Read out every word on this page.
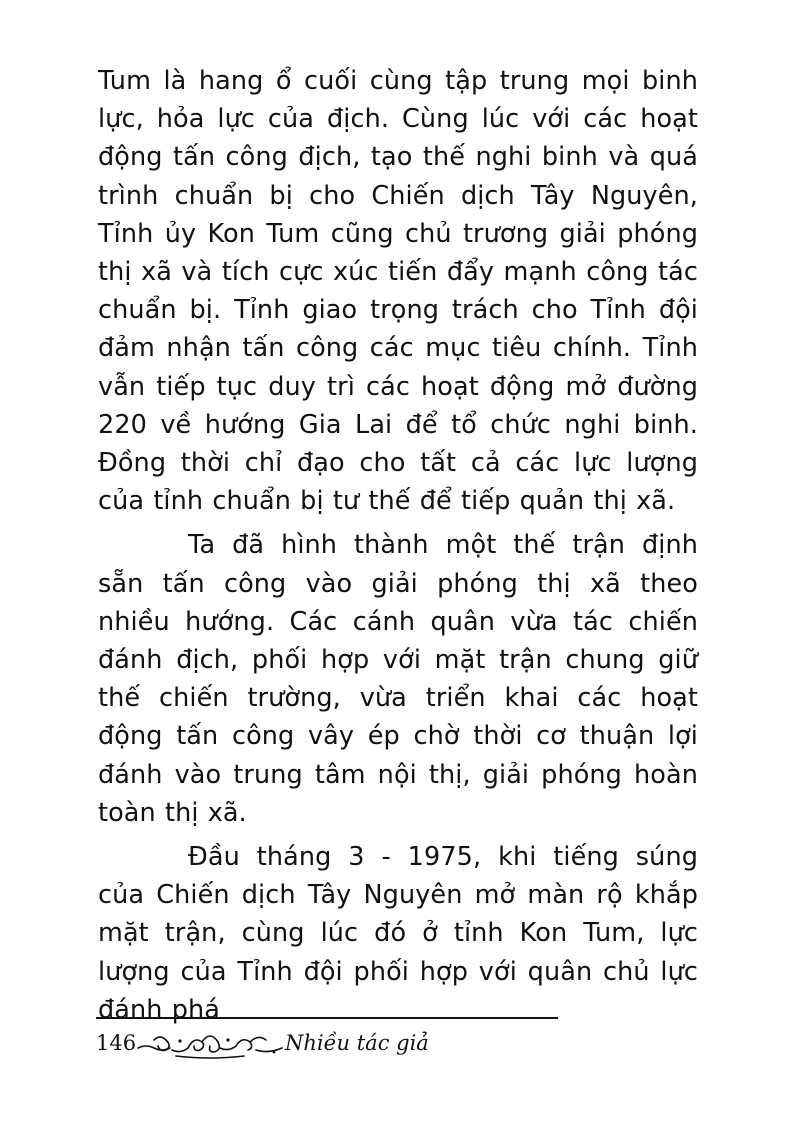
Tum là hang ổ cuối cùng tập trung mọi binh lực, hỏa lực của địch. Cùng lúc với các hoạt động tấn công địch, tạo thế nghi binh và quá trình chuẩn bị cho Chiến dịch Tây Nguyên, Tỉnh ủy Kon Tum cũng chủ trương giải phóng thị xã và tích cực xúc tiến đẩy mạnh công tác chuẩn bị. Tỉnh giao trọng trách cho Tỉnh đội đảm nhận tấn công các mục tiêu chính. Tỉnh vẫn tiếp tục duy trì các hoạt động mở đường 220 về hướng Gia Lai để tổ chức nghi binh. Đồng thời chỉ đạo cho tất cả các lực lượng của tỉnh chuẩn bị tư thế để tiếp quản thị xã.

Ta đã hình thành một thế trận định sẵn tấn công vào giải phóng thị xã theo nhiều hướng. Các cánh quân vừa tác chiến đánh địch, phối hợp với mặt trận chung giữ thế chiến trường, vừa triển khai các hoạt động tấn công vây ép chờ thời cơ thuận lợi đánh vào trung tâm nội thị, giải phóng hoàn toàn thị xã.

Đầu tháng 3 - 1975, khi tiếng súng của Chiến dịch Tây Nguyên mở màn rộ khắp mặt trận, cùng lúc đó ở tỉnh Kon Tum, lực lượng của Tỉnh đội phối hợp với quân chủ lực đánh phá

146	Nhiều tác giả
